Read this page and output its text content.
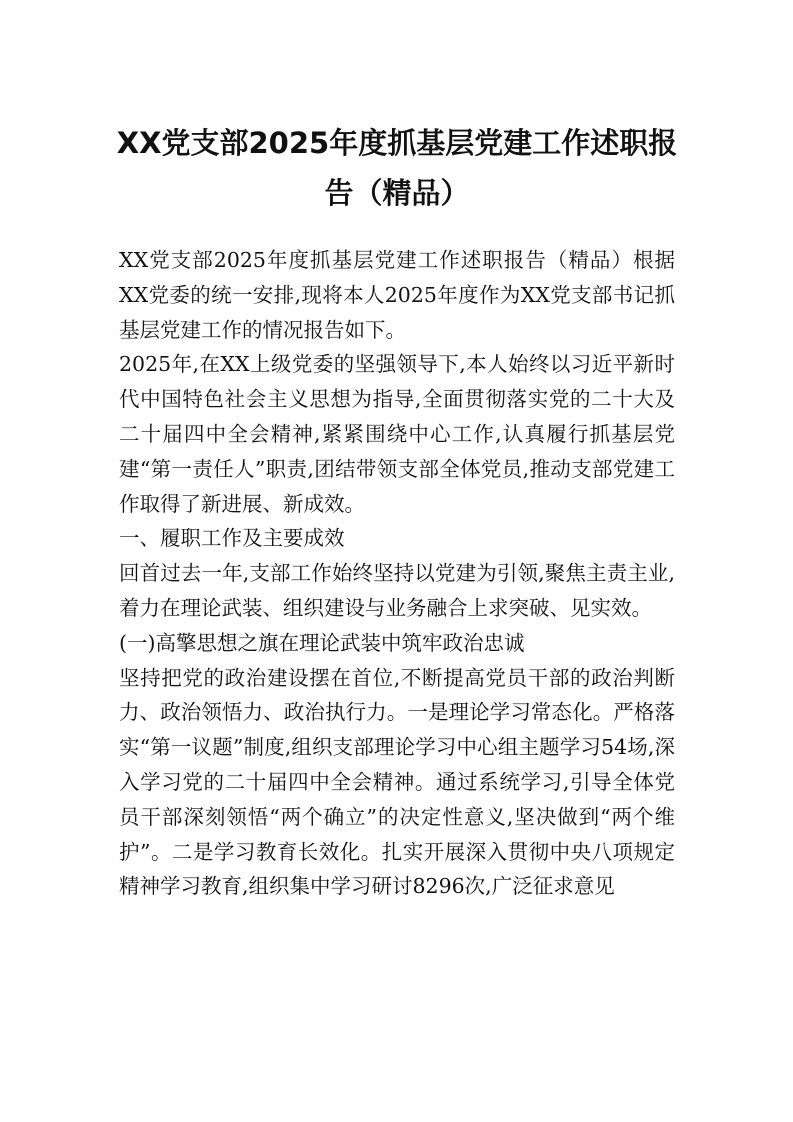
XX党支部2025年度抓基层党建工作述职报告（精品）

XX党支部2025年度抓基层党建工作述职报告（精品）根据XX党委的统一安排,现将本人2025年度作为XX党支部书记抓基层党建工作的情况报告如下。

2025年,在XX上级党委的坚强领导下,本人始终以习近平新时代中国特色社会主义思想为指导,全面贯彻落实党的二十大及二十届四中全会精神,紧紧围绕中心工作,认真履行抓基层党建“第一责任人”职责,团结带领支部全体党员,推动支部党建工作取得了新进展、新成效。

一、履职工作及主要成效

回首过去一年,支部工作始终坚持以党建为引领,聚焦主责主业,着力在理论武装、组织建设与业务融合上求突破、见实效。

(一)高擎思想之旗在理论武装中筑牢政治忠诚

坚持把党的政治建设摆在首位,不断提高党员干部的政治判断力、政治领悟力、政治执行力。一是理论学习常态化。严格落实“第一议题”制度,组织支部理论学习中心组主题学习54场,深入学习党的二十届四中全会精神。通过系统学习,引导全体党员干部深刻领悟“两个确立”的决定性意义,坚决做到“两个维护”。二是学习教育长效化。扎实开展深入贯彻中央八项规定精神学习教育,组织集中学习研讨8296次,广泛征求意见
